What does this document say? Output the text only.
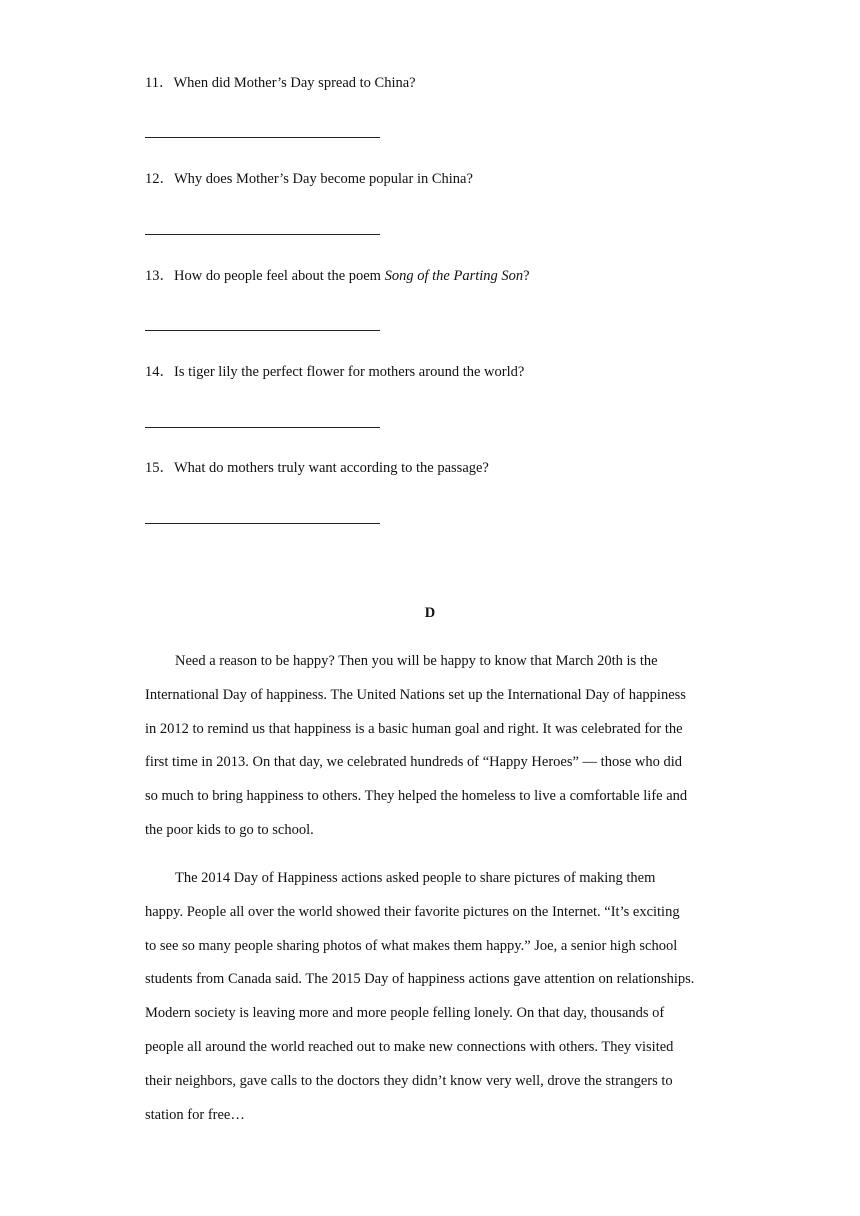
11．When did Mother’s Day spread to China?
12．Why does Mother’s Day become popular in China?
13．How do people feel about the poem Song of the Parting Son?
14．Is tiger lily the perfect flower for mothers around the world?
15．What do mothers truly want according to the passage?
D
Need a reason to be happy? Then you will be happy to know that March 20th is the
International Day of happiness. The United Nations set up the International Day of happiness
in 2012 to remind us that happiness is a basic human goal and right. It was celebrated for the
first time in 2013. On that day, we celebrated hundreds of “Happy Heroes” — those who did
so much to bring happiness to others. They helped the homeless to live a comfortable life and
the poor kids to go to school.
The 2014 Day of Happiness actions asked people to share pictures of making them
happy. People all over the world showed their favorite pictures on the Internet. “It’s exciting
to see so many people sharing photos of what makes them happy.” Joe, a senior high school
students from Canada said. The 2015 Day of happiness actions gave attention on relationships.
Modern society is leaving more and more people felling lonely. On that day, thousands of
people all around the world reached out to make new connections with others. They visited
their neighbors, gave calls to the doctors they didn’t know very well, drove the strangers to
station for free…
